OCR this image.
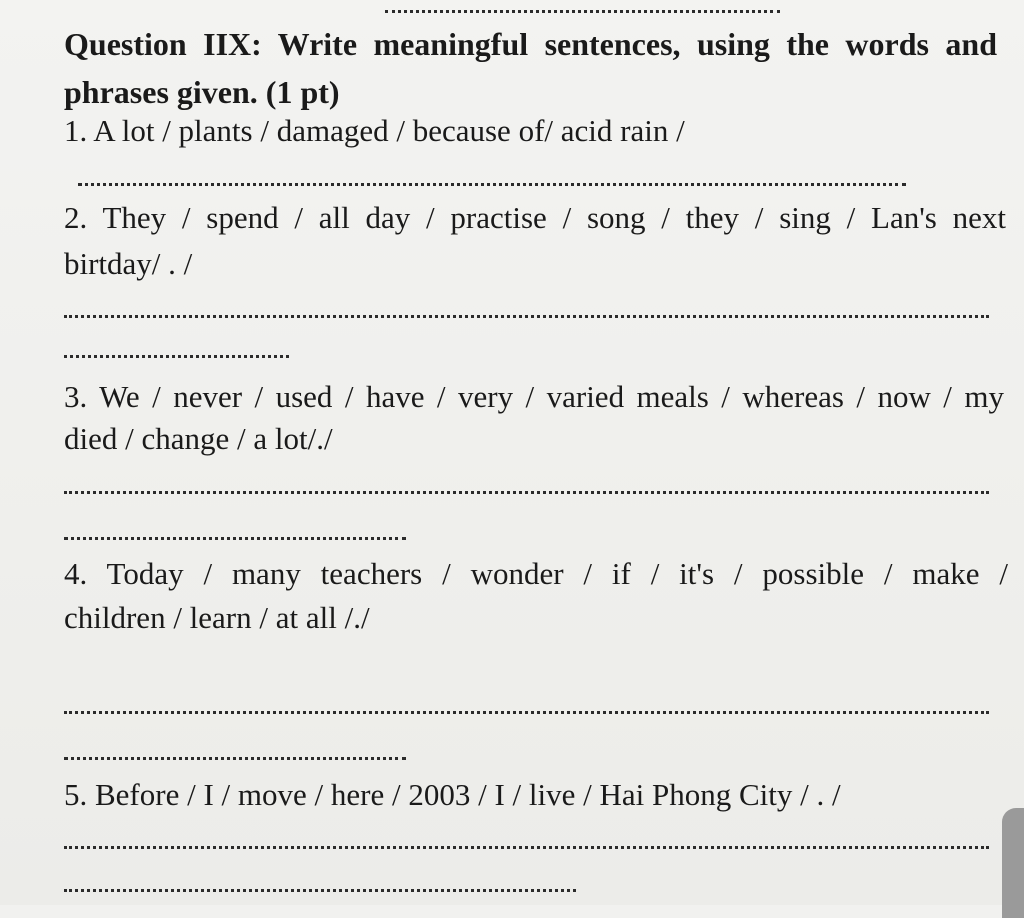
Question IIX: Write meaningful sentences, using the words and
phrases given. (1 pt)
1. A lot / plants / damaged / because of/ acid rain /
2. They / spend / all day / practise / song / they / sing / Lan's next
birtday/ . /
3. We / never / used / have / very / varied meals / whereas / now / my
died / change / a lot/./
4. Today / many teachers / wonder / if / it's / possible / make /
children / learn / at all /./
5. Before / I / move / here / 2003 / I / live / Hai Phong City / . /
